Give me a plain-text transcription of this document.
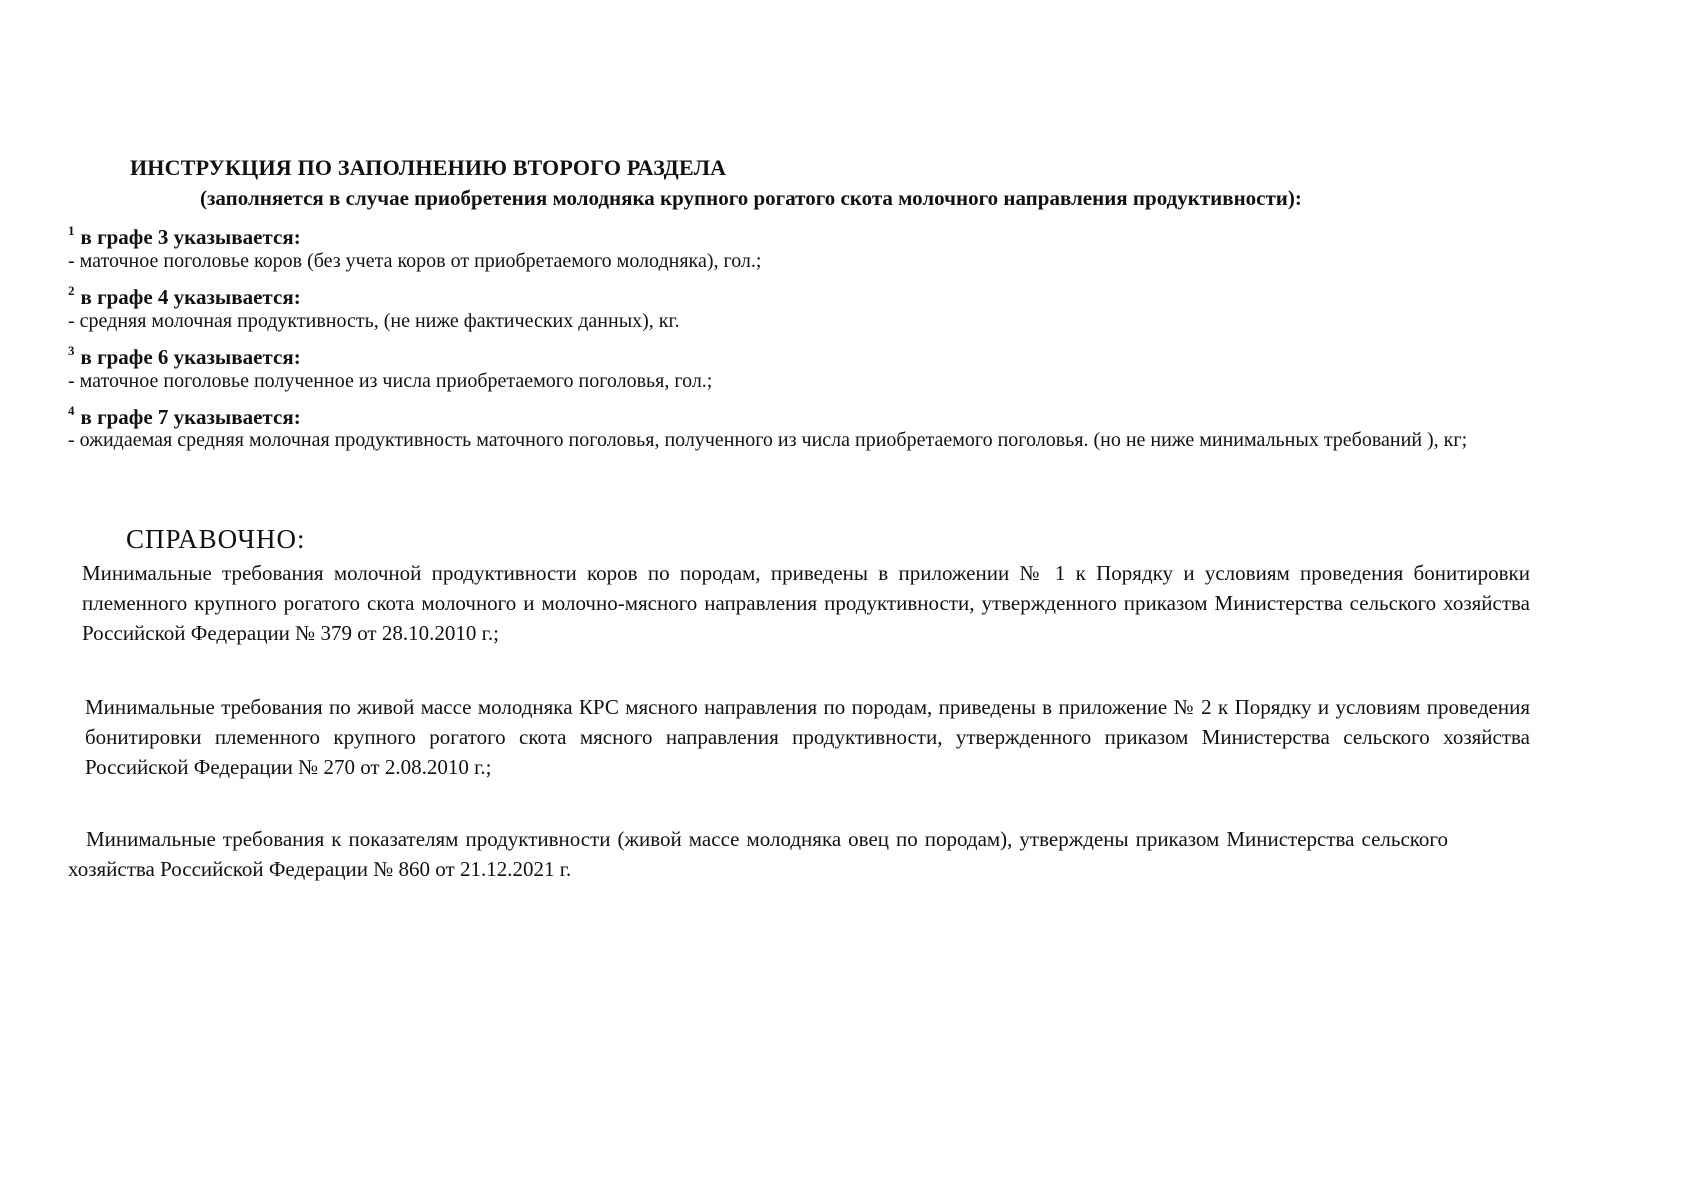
ИНСТРУКЦИЯ ПО ЗАПОЛНЕНИЮ ВТОРОГО РАЗДЕЛА
(заполняется в случае приобретения молодняка крупного рогатого скота молочного направления продуктивности):
$^1$ в графе 3 указывается:
- маточное поголовье коров (без учета коров от приобретаемого молодняка), гол.;
$^2$ в графе 4 указывается:
- средняя молочная продуктивность, (не ниже фактических данных), кг.
$^3$ в графе 6 указывается:
- маточное поголовье полученное из числа приобретаемого поголовья, гол.;
$^4$ в графе 7 указывается:
- ожидаемая средняя молочная продуктивность маточного поголовья, полученного из числа приобретаемого поголовья. (но не ниже минимальных требований ), кг;
СПРАВОЧНО:
Минимальные требования молочной продуктивности коров по породам, приведены в приложении № 1 к Порядку и условиям проведения бонитировки племенного крупного рогатого скота молочного и молочно-мясного направления продуктивности, утвержденного приказом Министерства сельского хозяйства Российской Федерации № 379 от 28.10.2010 г.;
Минимальные требования по живой массе молодняка КРС мясного направления по породам, приведены в приложение № 2 к Порядку и условиям проведения бонитировки племенного крупного рогатого скота мясного направления продуктивности, утвержденного приказом Министерства сельского хозяйства Российской Федерации № 270 от 2.08.2010 г.;
Минимальные требования к показателям продуктивности (живой массе молодняка овец по породам), утверждены приказом Министерства сельского хозяйства Российской Федерации № 860 от 21.12.2021 г.
